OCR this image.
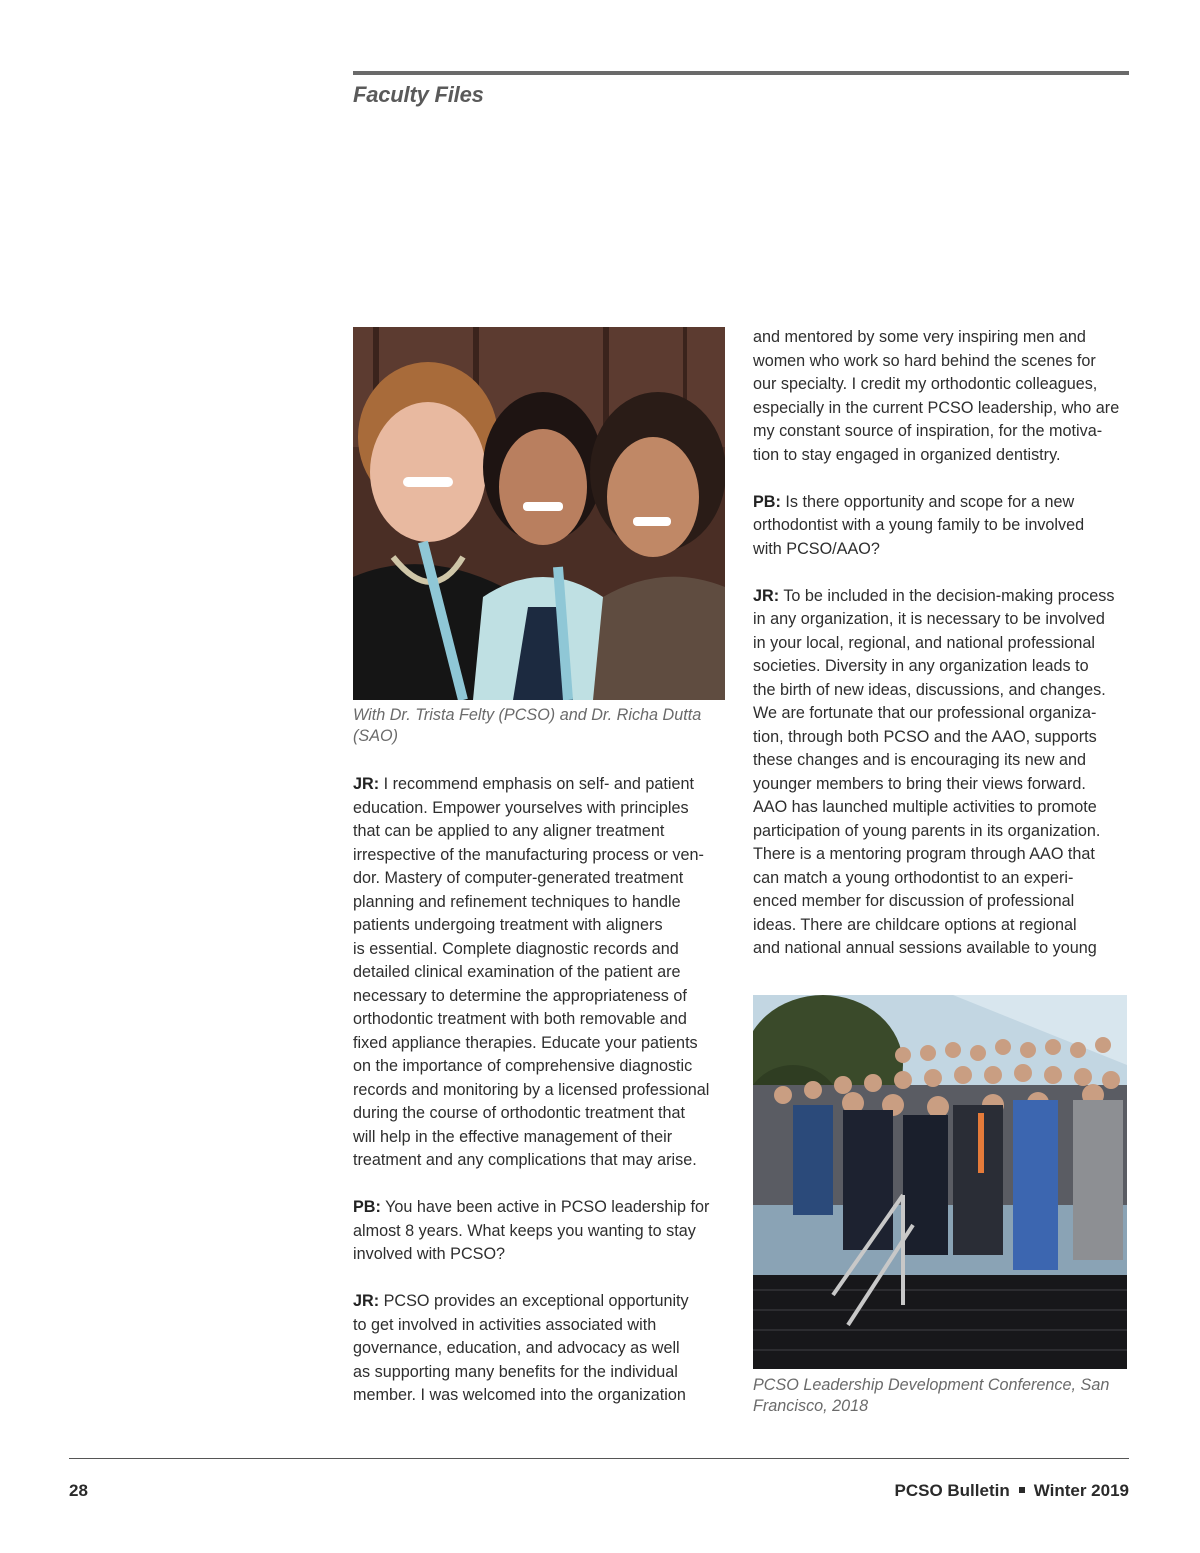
Faculty Files
With Dr. Trista Felty (PCSO) and Dr. Richa Dutta (SAO)

JR: I recommend emphasis on self- and patient
education. Empower yourselves with principles
that can be applied to any aligner treatment
irrespective of the manufacturing process or ven-
dor. Mastery of computer-generated treatment
planning and refinement techniques to handle
patients undergoing treatment with aligners
is essential. Complete diagnostic records and
detailed clinical examination of the patient are
necessary to determine the appropriateness of
orthodontic treatment with both removable and
fixed appliance therapies. Educate your patients
on the importance of comprehensive diagnostic
records and monitoring by a licensed professional
during the course of orthodontic treatment that
will help in the effective management of their
treatment and any complications that may arise.

PB: You have been active in PCSO leadership for
almost 8 years. What keeps you wanting to stay
involved with PCSO?

JR: PCSO provides an exceptional opportunity
to get involved in activities associated with
governance, education, and advocacy as well
as supporting many benefits for the individual
member. I was welcomed into the organization

and mentored by some very inspiring men and
women who work so hard behind the scenes for
our specialty. I credit my orthodontic colleagues,
especially in the current PCSO leadership, who are
my constant source of inspiration, for the motiva-
tion to stay engaged in organized dentistry.

PB: Is there opportunity and scope for a new
orthodontist with a young family to be involved
with PCSO/AAO?

JR: To be included in the decision-making process
in any organization, it is necessary to be involved
in your local, regional, and national professional
societies. Diversity in any organization leads to
the birth of new ideas, discussions, and changes.
We are fortunate that our professional organiza-
tion, through both PCSO and the AAO, supports
these changes and is encouraging its new and
younger members to bring their views forward.
AAO has launched multiple activities to promote
participation of young parents in its organization.
There is a mentoring program through AAO that
can match a young orthodontist to an experi-
enced member for discussion of professional
ideas. There are childcare options at regional
and national annual sessions available to young

PCSO Leadership Development Conference, San Francisco, 2018
28	PCSO Bulletin Winter 2019
